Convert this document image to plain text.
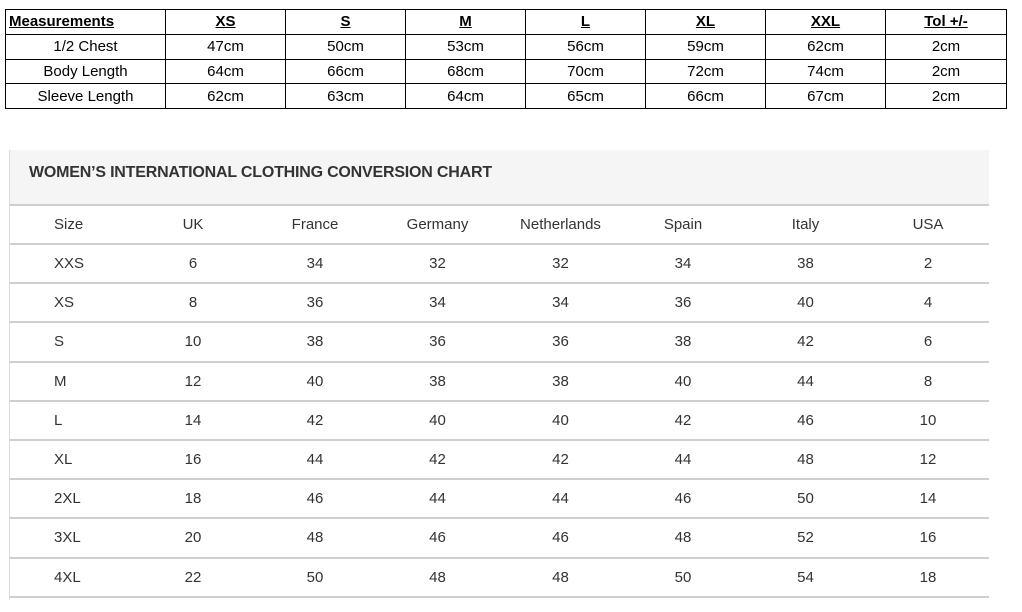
Measurements	XS	S	M	L	XL	XXL	Tol +/-
1/2 Chest	47cm	50cm	53cm	56cm	59cm	62cm	2cm
Body Length	64cm	66cm	68cm	70cm	72cm	74cm	2cm
Sleeve Length	62cm	63cm	64cm	65cm	66cm	67cm	2cm
WOMEN’S INTERNATIONAL CLOTHING CONVERSION CHART
Size	UK	France	Germany	Netherlands	Spain	Italy	USA
XXS	6	34	32	32	34	38	2
XS	8	36	34	34	36	40	4
S	10	38	36	36	38	42	6
M	12	40	38	38	40	44	8
L	14	42	40	40	42	46	10
XL	16	44	42	42	44	48	12
2XL	18	46	44	44	46	50	14
3XL	20	48	46	46	48	52	16
4XL	22	50	48	48	50	54	18
